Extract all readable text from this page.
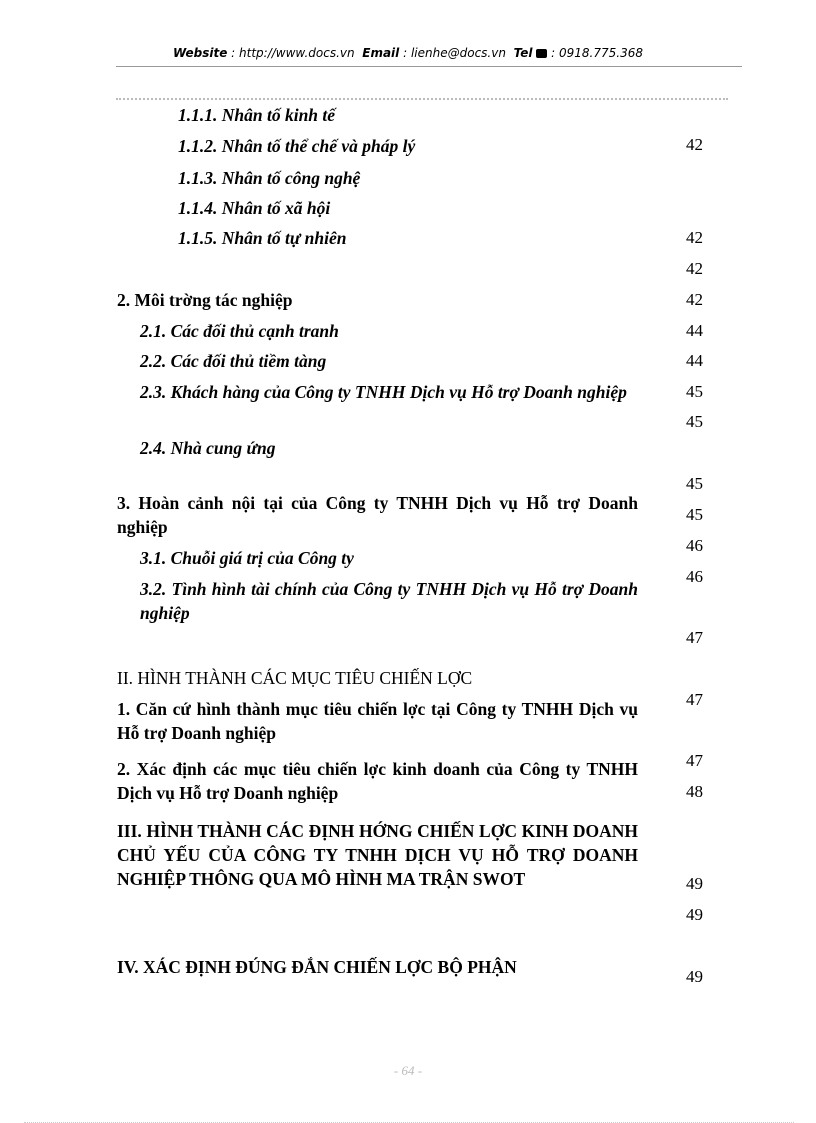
Website : http://www.docs.vn Email : lienhe@docs.vn Tel : 0918.775.368
1.1.1. Nhân tố kinh tế
1.1.2. Nhân tố thể chế và pháp lý
1.1.3. Nhân tố công nghệ
1.1.4. Nhân tố xã hội
1.1.5. Nhân tố tự nhiên
2. Môi trờng tác nghiệp
2.1. Các đối thủ cạnh tranh
2.2. Các đối thủ tiềm tàng
2.3. Khách hàng của Công ty TNHH Dịch vụ Hỗ trợ Doanh nghiệp
2.4. Nhà cung ứng
3. Hoàn cảnh nội tại của Công ty TNHH Dịch vụ Hỗ trợ Doanh nghiệp
3.1. Chuỗi giá trị của Công ty
3.2. Tình hình tài chính của Công ty TNHH Dịch vụ Hỗ trợ Doanh nghiệp
II. HÌNH THÀNH CÁC MỤC TIÊU CHIẾN LỢC
1. Căn cứ hình thành mục tiêu chiến lợc tại Công ty TNHH Dịch vụ Hỗ trợ Doanh nghiệp
2. Xác định các mục tiêu chiến lợc kinh doanh của Công ty TNHH Dịch vụ Hỗ trợ Doanh nghiệp
III. HÌNH THÀNH CÁC ĐỊNH HỚNG CHIẾN LỢC KINH DOANH CHỦ YẾU CỦA CÔNG TY TNHH DỊCH VỤ HỖ TRỢ DOANH NGHIỆP THÔNG QUA MÔ HÌNH MA TRẬN SWOT
IV. XÁC ĐỊNH ĐÚNG ĐẮN CHIẾN LỢC BỘ PHẬN
42
42
42
42
44
44
45
45
45
45
46
46
47
47
47
48
49
49
49
- 64 -
